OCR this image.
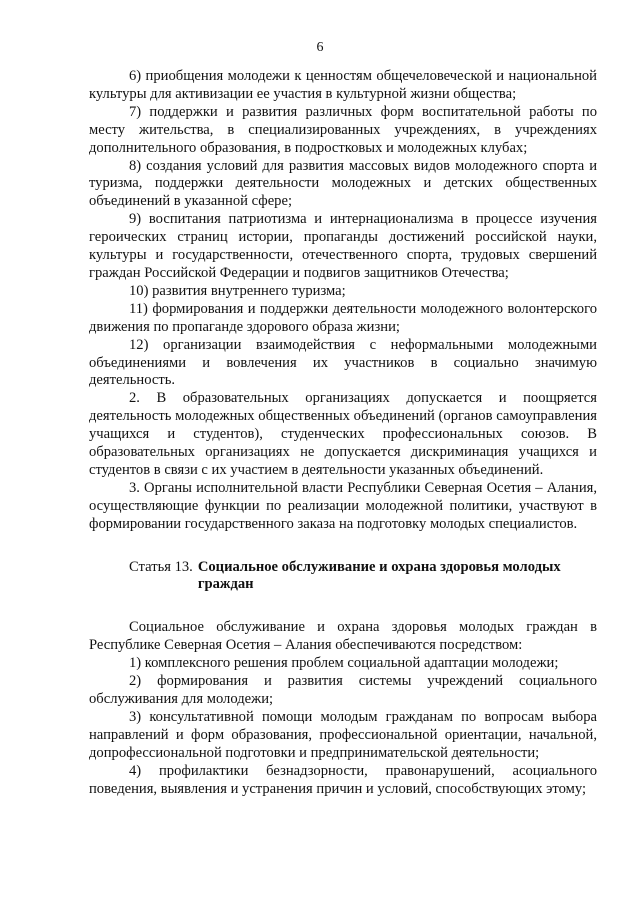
6

6) приобщения молодежи к ценностям общечеловеческой и национальной культуры для активизации ее участия в культурной жизни общества;

7) поддержки и развития различных форм воспитательной работы по месту жительства, в специализированных учреждениях, в учреждениях дополнительного образования, в подростковых и молодежных клубах;

8) создания условий для развития массовых видов молодежного спорта и туризма, поддержки деятельности молодежных и детских общественных объединений в указанной сфере;

9) воспитания патриотизма и интернационализма в процессе изучения героических страниц истории, пропаганды достижений российской науки, культуры и государственности, отечественного спорта, трудовых свершений граждан Российской Федерации и подвигов защитников Отечества;

10) развития внутреннего туризма;

11) формирования и поддержки деятельности молодежного волонтерского движения по пропаганде здорового образа жизни;

12) организации взаимодействия с неформальными молодежными объединениями и вовлечения их участников в социально значимую деятельность.

2. В образовательных организациях допускается и поощряется деятельность молодежных общественных объединений (органов самоуправления учащихся и студентов), студенческих профессиональных союзов. В образовательных организациях не допускается дискриминация учащихся и студентов в связи с их участием в деятельности указанных объединений.

3. Органы исполнительной власти Республики Северная Осетия – Алания, осуществляющие функции по реализации молодежной политики, участвуют в формировании государственного заказа на подготовку молодых специалистов.

Статья 13. Социальное обслуживание и охрана здоровья молодых граждан

Социальное обслуживание и охрана здоровья молодых граждан в Республике Северная Осетия – Алания обеспечиваются посредством:

1) комплексного решения проблем социальной адаптации молодежи;

2) формирования и развития системы учреждений социального обслуживания для молодежи;

3) консультативной помощи молодым гражданам по вопросам выбора направлений и форм образования, профессиональной ориентации, начальной, допрофессиональной подготовки и предпринимательской деятельности;

4) профилактики безнадзорности, правонарушений, асоциального поведения, выявления и устранения причин и условий, способствующих этому;
